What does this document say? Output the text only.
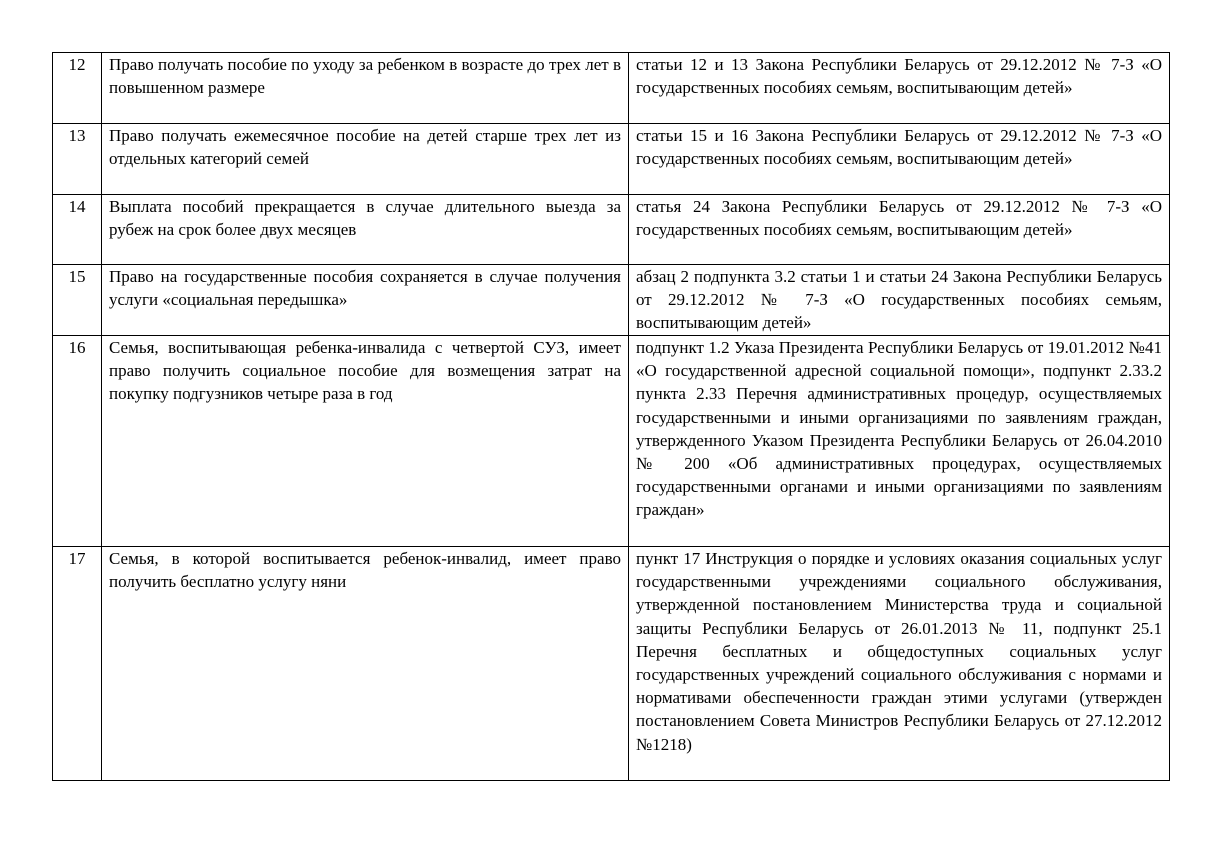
12	Право получать пособие по уходу за ребенком в возрасте до трех лет в повышенном размере	статьи 12 и 13 Закона Республики Беларусь от 29.12.2012 № 7-З «О государственных пособиях семьям, воспитывающим детей»
13	Право получать ежемесячное пособие на детей старше трех лет из отдельных категорий семей	статьи 15 и 16 Закона Республики Беларусь от 29.12.2012 № 7-З «О государственных пособиях семьям, воспитывающим детей»
14	Выплата пособий прекращается в случае длительного выезда за рубеж на срок более двух месяцев	статья 24 Закона Республики Беларусь от 29.12.2012 № 7-З «О государственных пособиях семьям, воспитывающим детей»
15	Право на государственные пособия сохраняется в случае получения услуги «социальная передышка»	абзац 2 подпункта 3.2 статьи 1 и статьи 24 Закона Республики Беларусь от 29.12.2012 № 7-З «О государственных пособиях семьям, воспитывающим детей»
16	Семья, воспитывающая ребенка-инвалида с четвертой СУЗ, имеет право получить социальное пособие для возмещения затрат на покупку подгузников четыре раза в год	подпункт 1.2 Указа Президента Республики Беларусь от 19.01.2012 №41 «О государственной адресной социальной помощи», подпункт 2.33.2 пункта 2.33 Перечня административных процедур, осуществляемых государственными и иными организациями по заявлениям граждан, утвержденного Указом Президента Республики Беларусь от 26.04.2010 № 200 «Об административных процедурах, осуществляемых государственными органами и иными организациями по заявлениям граждан»
17	Семья, в которой воспитывается ребенок-инвалид, имеет право получить бесплатно услугу няни	пункт 17 Инструкция о порядке и условиях оказания социальных услуг государственными учреждениями социального обслуживания, утвержденной постановлением Министерства труда и социальной защиты Республики Беларусь от 26.01.2013 № 11, подпункт 25.1 Перечня бесплатных и общедоступных социальных услуг государственных учреждений социального обслуживания с нормами и нормативами обеспеченности граждан этими услугами (утвержден постановлением Совета Министров Республики Беларусь от 27.12.2012 №1218)
